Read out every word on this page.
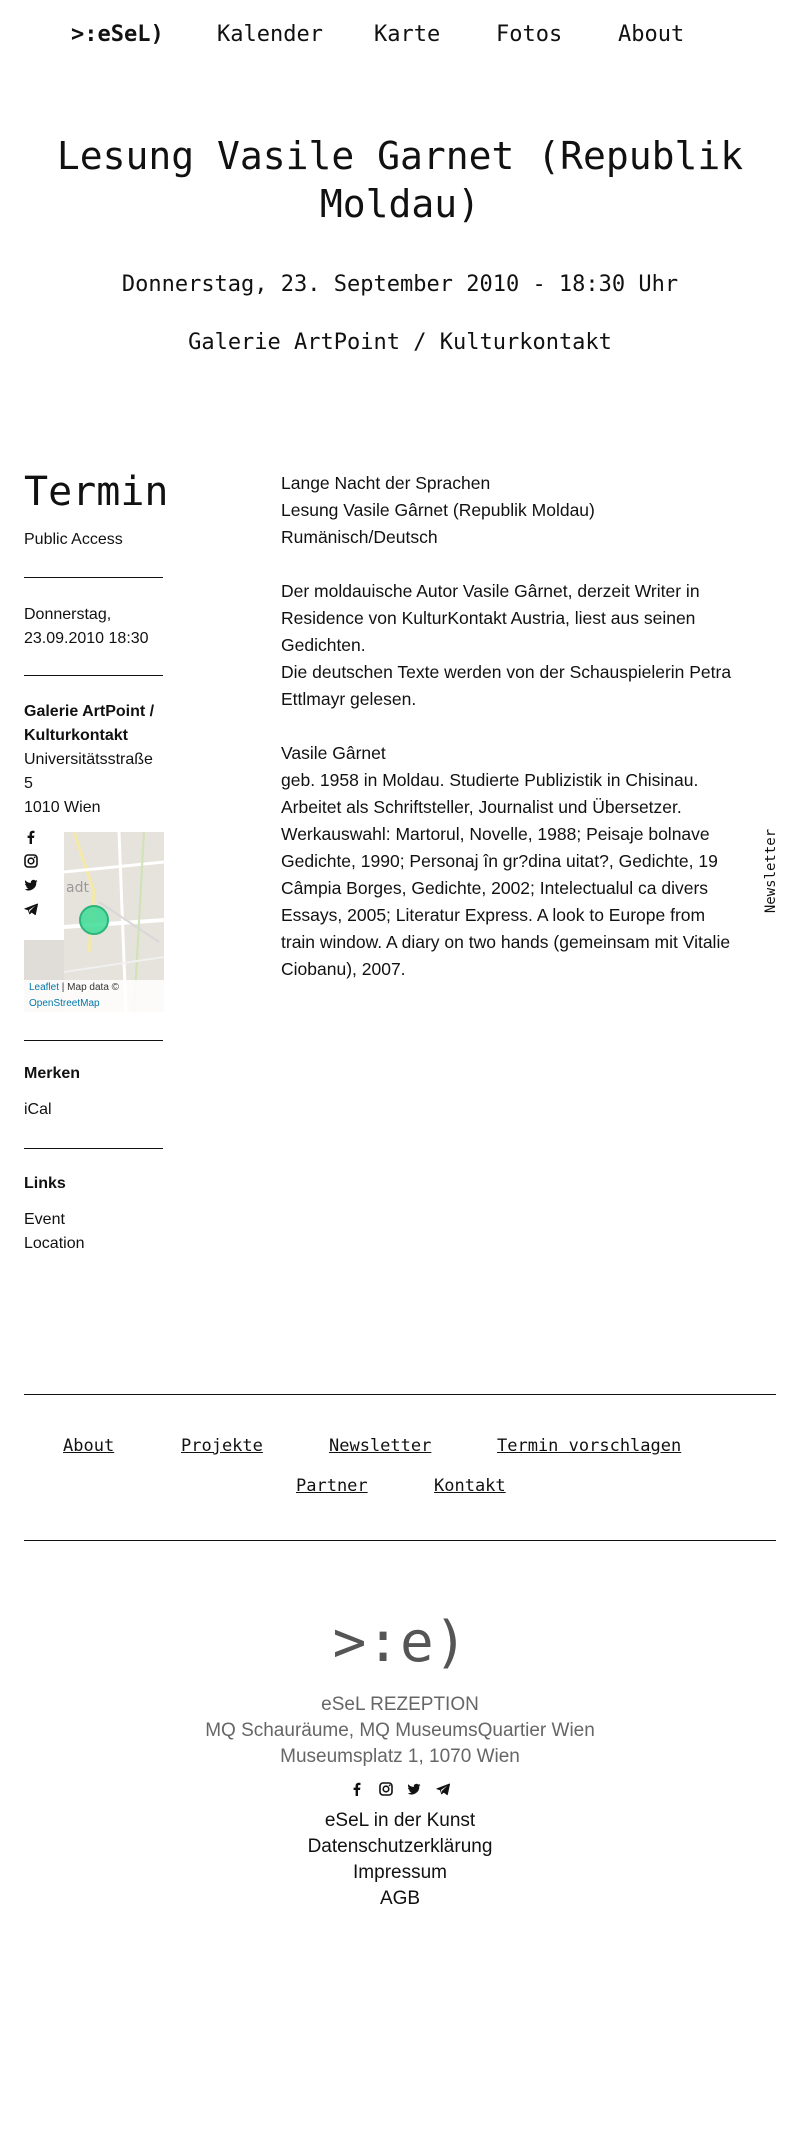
>:eSeL) Kalender Karte	Fotos	About
Lesung Vasile Garnet (Republik
Moldau)
Donnerstag, 23. September 2010 - 18:30 Uhr
Galerie ArtPoint / Kulturkontakt
Termin
Public Access
Donnerstag,
23.09.2010 18:30
Galerie ArtPoint /
Kulturkontakt
Universitätsstraße
5
1010 Wien
adt
Leaflet | Map data ©
OpenStreetMap
Merken
iCal
Links
Event
Location

Lange Nacht der Sprachen

Lesung Vasile Gârnet (Republik Moldau)

Rumänisch/Deutsch

Der moldauische Autor Vasile Gârnet, derzeit Writer in

Residence von KulturKontakt Austria, liest aus seinen

Gedichten.

Die deutschen Texte werden von der Schauspielerin Petra

Ettlmayr gelesen.

Vasile Gârnet

geb. 1958 in Moldau. Studierte Publizistik in Chisinau.

Arbeitet als Schriftsteller, Journalist und Übersetzer.

Werkauswahl: Martorul, Novelle, 1988; Peisaje bolnave

Gedichte, 1990; Personaj în gr?dina uitat?, Gedichte, 19

Câmpia Borges, Gedichte, 2002; Intelectualul ca divers

Essays, 2005; Literatur Express. A look to Europe from

train window. A diary on two hands (gemeinsam mit Vitalie

Ciobanu), 2007.

Newsletter
About	Projekte	Newsletter	Termin vorschlagen
Partner	Kontakt
>:e)
eSeL REZEPTION
MQ Schauräume, MQ MuseumsQuartier Wien
Museumsplatz 1, 1070 Wien

eSeL in der Kunst
Datenschutzerklärung
Impressum
AGB
